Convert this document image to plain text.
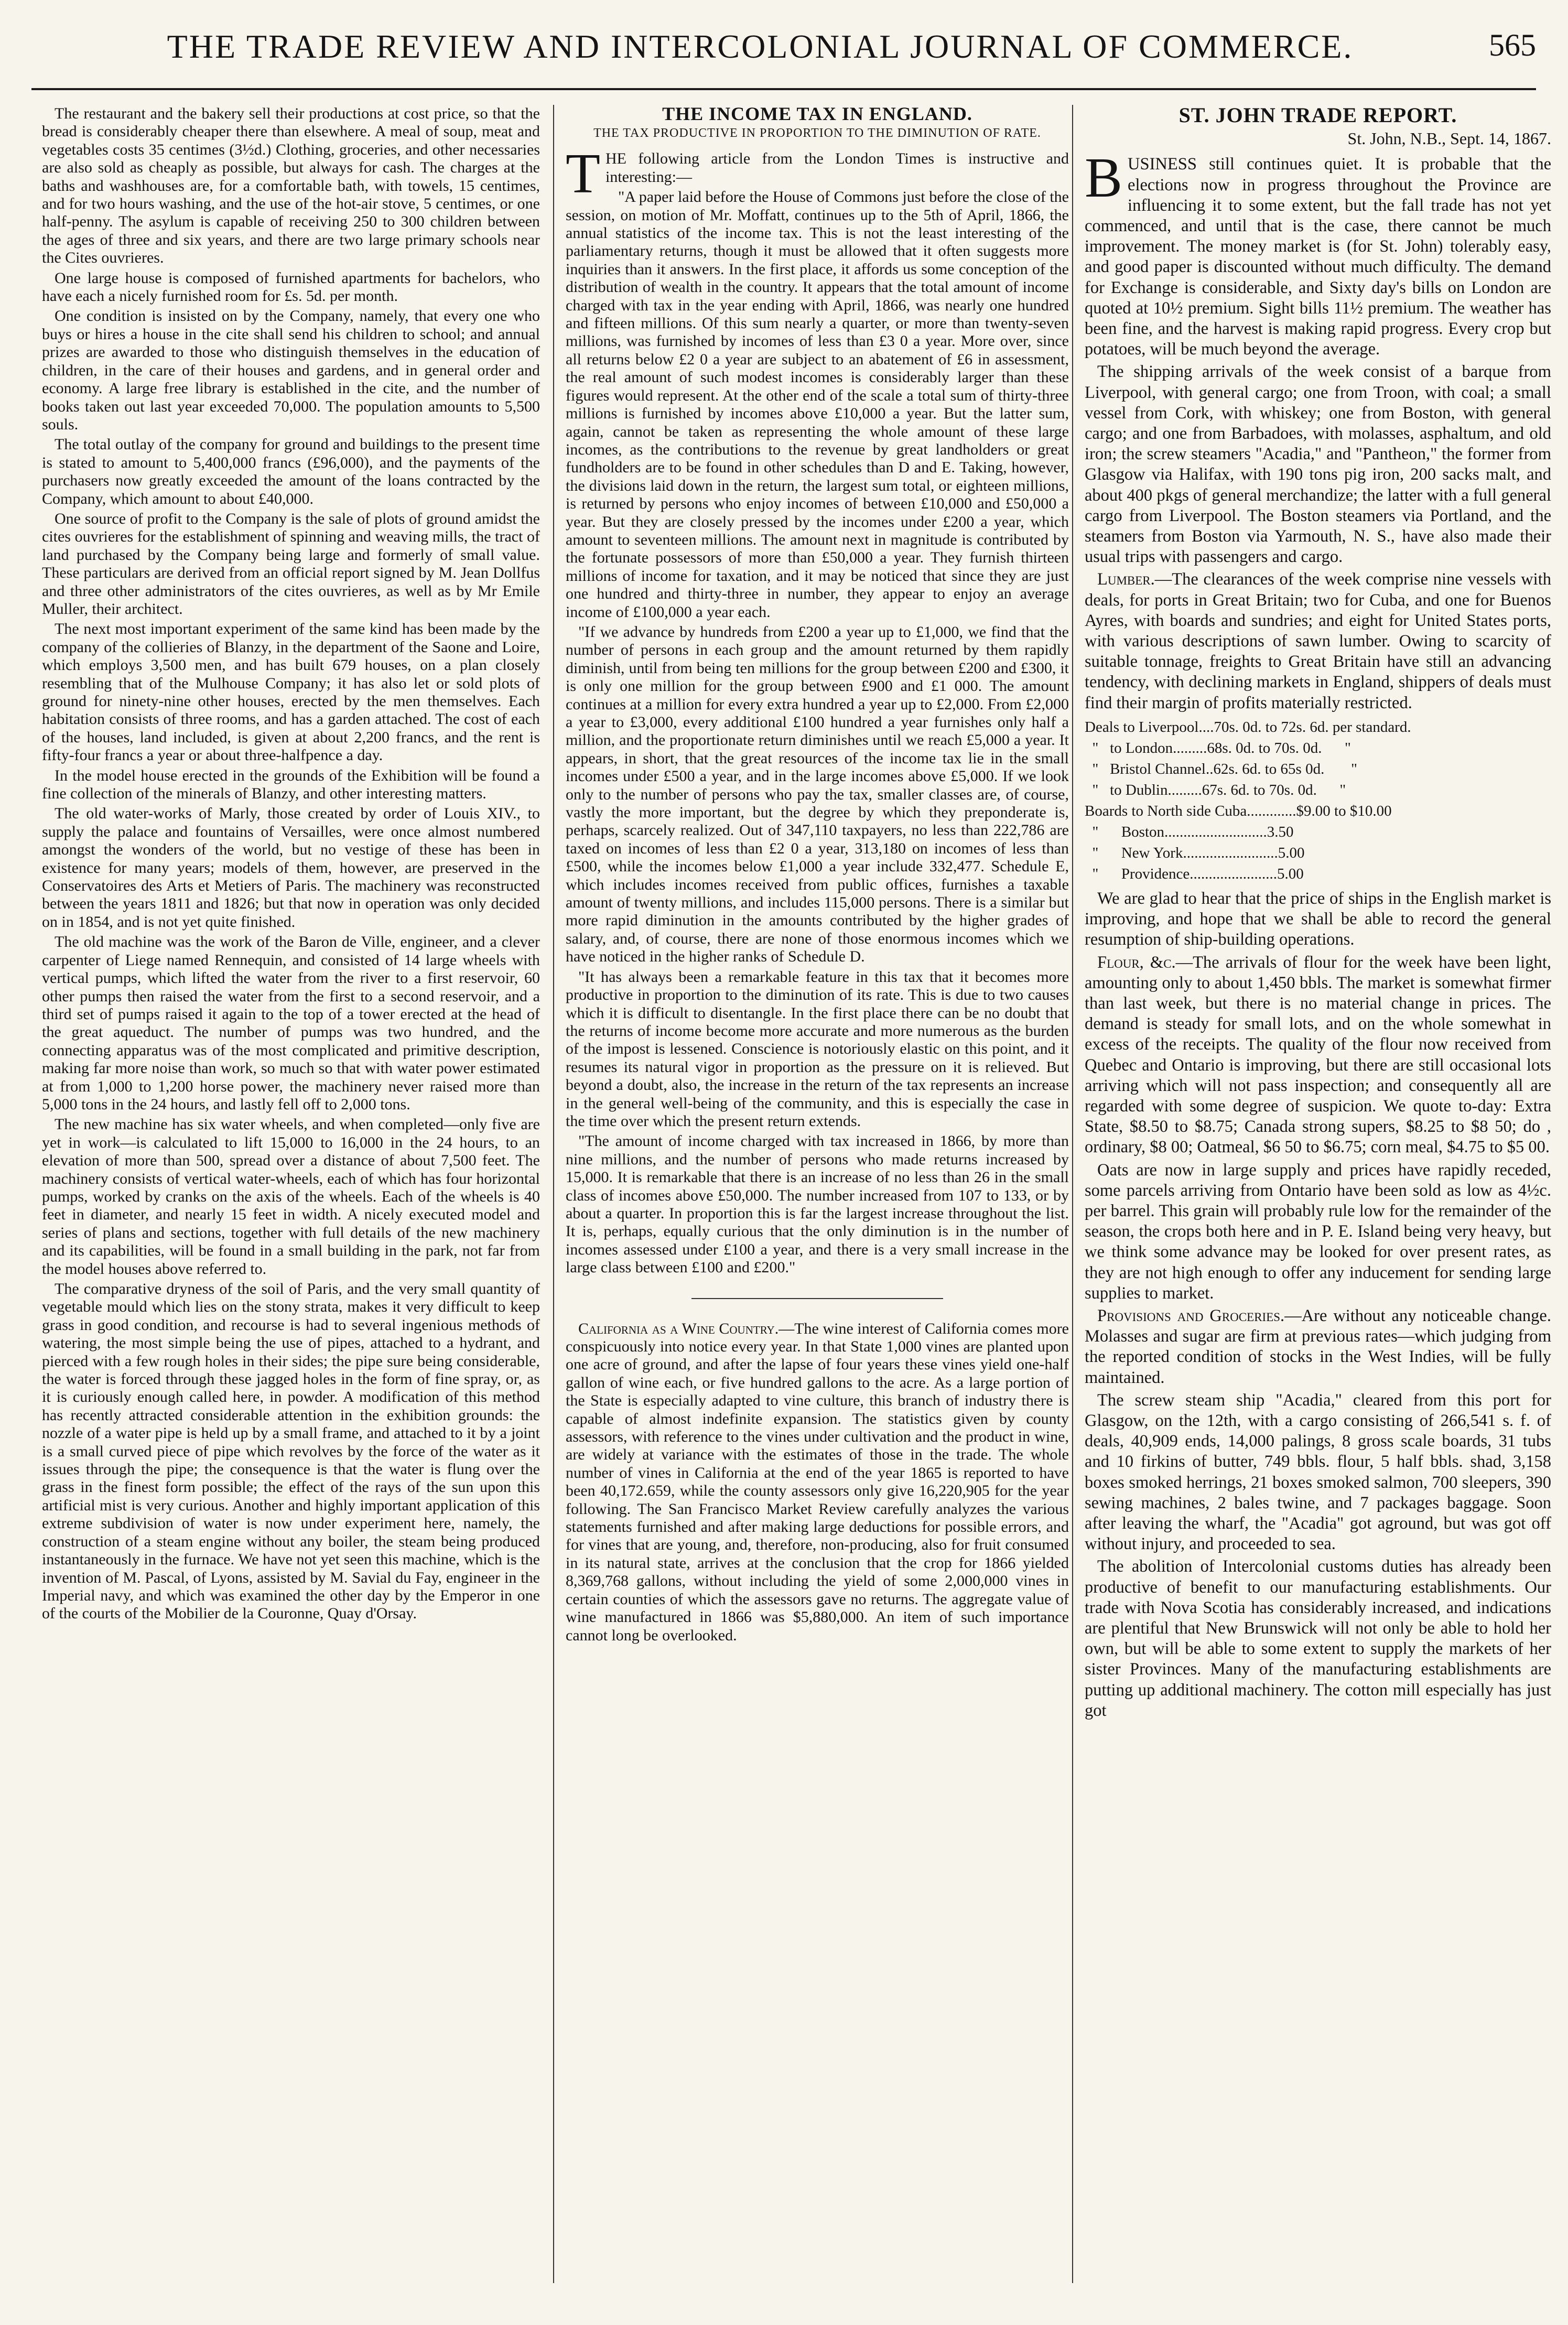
THE TRADE REVIEW AND INTERCOLONIAL JOURNAL OF COMMERCE.	565

The restaurant and the bakery sell their productions at cost price, so that the bread is considerably cheaper there than elsewhere. A meal of soup, meat and vegetables costs 35 centimes (3½d.) Clothing, groceries, and other necessaries are also sold as cheaply as possible, but always for cash. The charges at the baths and washhouses are, for a comfortable bath, with towels, 15 centimes, and for two hours washing, and the use of the hot-air stove, 5 centimes, or one half-penny. The asylum is capable of receiving 250 to 300 children between the ages of three and six years, and there are two large primary schools near the Cites ouvrieres.

One large house is composed of furnished apartments for bachelors, who have each a nicely furnished room for £s. 5d. per month.

One condition is insisted on by the Company, namely, that every one who buys or hires a house in the cite shall send his children to school; and annual prizes are awarded to those who distinguish themselves in the education of children, in the care of their houses and gardens, and in general order and economy. A large free library is established in the cite, and the number of books taken out last year exceeded 70,000. The population amounts to 5,500 souls.

The total outlay of the company for ground and buildings to the present time is stated to amount to 5,400,000 francs (£96,000), and the payments of the purchasers now greatly exceeded the amount of the loans contracted by the Company, which amount to about £40,000.

One source of profit to the Company is the sale of plots of ground amidst the cites ouvrieres for the establishment of spinning and weaving mills, the tract of land purchased by the Company being large and formerly of small value. These particulars are derived from an official report signed by M. Jean Dollfus and three other administrators of the cites ouvrieres, as well as by Mr Emile Muller, their architect.

The next most important experiment of the same kind has been made by the company of the collieries of Blanzy, in the department of the Saone and Loire, which employs 3,500 men, and has built 679 houses, on a plan closely resembling that of the Mulhouse Company; it has also let or sold plots of ground for ninety-nine other houses, erected by the men themselves. Each habitation consists of three rooms, and has a garden attached. The cost of each of the houses, land included, is given at about 2,200 francs, and the rent is fifty-four francs a year or about three-halfpence a day.

In the model house erected in the grounds of the Exhibition will be found a fine collection of the minerals of Blanzy, and other interesting matters.

The old water-works of Marly, those created by order of Louis XIV., to supply the palace and fountains of Versailles, were once almost numbered amongst the wonders of the world, but no vestige of these has been in existence for many years; models of them, however, are preserved in the Conservatoires des Arts et Metiers of Paris. The machinery was reconstructed between the years 1811 and 1826; but that now in operation was only decided on in 1854, and is not yet quite finished.

The old machine was the work of the Baron de Ville, engineer, and a clever carpenter of Liege named Rennequin, and consisted of 14 large wheels with vertical pumps, which lifted the water from the river to a first reservoir, 60 other pumps then raised the water from the first to a second reservoir, and a third set of pumps raised it again to the top of a tower erected at the head of the great aqueduct. The number of pumps was two hundred, and the connecting apparatus was of the most complicated and primitive description, making far more noise than work, so much so that with water power estimated at from 1,000 to 1,200 horse power, the machinery never raised more than 5,000 tons in the 24 hours, and lastly fell off to 2,000 tons.

The new machine has six water wheels, and when completed—only five are yet in work—is calculated to lift 15,000 to 16,000 in the 24 hours, to an elevation of more than 500, spread over a distance of about 7,500 feet. The machinery consists of vertical water-wheels, each of which has four horizontal pumps, worked by cranks on the axis of the wheels. Each of the wheels is 40 feet in diameter, and nearly 15 feet in width. A nicely executed model and series of plans and sections, together with full details of the new machinery and its capabilities, will be found in a small building in the park, not far from the model houses above referred to.

The comparative dryness of the soil of Paris, and the very small quantity of vegetable mould which lies on the stony strata, makes it very difficult to keep grass in good condition, and recourse is had to several ingenious methods of watering, the most simple being the use of pipes, attached to a hydrant, and pierced with a few rough holes in their sides; the pipe sure being considerable, the water is forced through these jagged holes in the form of fine spray, or, as it is curiously enough called here, in powder. A modification of this method has recently attracted considerable attention in the exhibition grounds: the nozzle of a water pipe is held up by a small frame, and attached to it by a joint is a small curved piece of pipe which revolves by the force of the water as it issues through the pipe; the consequence is that the water is flung over the grass in the finest form possible; the effect of the rays of the sun upon this artificial mist is very curious. Another and highly important application of this extreme subdivision of water is now under experiment here, namely, the construction of a steam engine without any boiler, the steam being produced instantaneously in the furnace. We have not yet seen this machine, which is the invention of M. Pascal, of Lyons, assisted by M. Savial du Fay, engineer in the Imperial navy, and which was examined the other day by the Emperor in one of the courts of the Mobilier de la Couronne, Quay d'Orsay.

THE INCOME TAX IN ENGLAND.
THE TAX PRODUCTIVE IN PROPORTION TO THE DIMINUTION OF RATE.

THE following article from the London Times is instructive and interesting:—

"A paper laid before the House of Commons just before the close of the session, on motion of Mr. Moffatt, continues up to the 5th of April, 1866, the annual statistics of the income tax. This is not the least interesting of the parliamentary returns, though it must be allowed that it often suggests more inquiries than it answers. In the first place, it affords us some conception of the distribution of wealth in the country. It appears that the total amount of income charged with tax in the year ending with April, 1866, was nearly one hundred and fifteen millions. Of this sum nearly a quarter, or more than twenty-seven millions, was furnished by incomes of less than £3 0 a year. More over, since all returns below £2 0 a year are subject to an abatement of £6 in assessment, the real amount of such modest incomes is considerably larger than these figures would represent. At the other end of the scale a total sum of thirty-three millions is furnished by incomes above £10,000 a year. But the latter sum, again, cannot be taken as representing the whole amount of these large incomes, as the contributions to the revenue by great landholders or great fundholders are to be found in other schedules than D and E. Taking, however, the divisions laid down in the return, the largest sum total, or eighteen millions, is returned by persons who enjoy incomes of between £10,000 and £50,000 a year. But they are closely pressed by the incomes under £200 a year, which amount to seventeen millions. The amount next in magnitude is contributed by the fortunate possessors of more than £50,000 a year. They furnish thirteen millions of income for taxation, and it may be noticed that since they are just one hundred and thirty-three in number, they appear to enjoy an average income of £100,000 a year each.

"If we advance by hundreds from £200 a year up to £1,000, we find that the number of persons in each group and the amount returned by them rapidly diminish, until from being ten millions for the group between £200 and £300, it is only one million for the group between £900 and £1 000. The amount continues at a million for every extra hundred a year up to £2,000. From £2,000 a year to £3,000, every additional £100 hundred a year furnishes only half a million, and the proportionate return diminishes until we reach £5,000 a year. It appears, in short, that the great resources of the income tax lie in the small incomes under £500 a year, and in the large incomes above £5,000. If we look only to the number of persons who pay the tax, smaller classes are, of course, vastly the more important, but the degree by which they preponderate is, perhaps, scarcely realized. Out of 347,110 taxpayers, no less than 222,786 are taxed on incomes of less than £2 0 a year, 313,180 on incomes of less than £500, while the incomes below £1,000 a year include 332,477. Schedule E, which includes incomes received from public offices, furnishes a taxable amount of twenty millions, and includes 115,000 persons. There is a similar but more rapid diminution in the amounts contributed by the higher grades of salary, and, of course, there are none of those enormous incomes which we have noticed in the higher ranks of Schedule D.

"It has always been a remarkable feature in this tax that it becomes more productive in proportion to the diminution of its rate. This is due to two causes which it is difficult to disentangle. In the first place there can be no doubt that the returns of income become more accurate and more numerous as the burden of the impost is lessened. Conscience is notoriously elastic on this point, and it resumes its natural vigor in proportion as the pressure on it is relieved. But beyond a doubt, also, the increase in the return of the tax represents an increase in the general well-being of the community, and this is especially the case in the time over which the present return extends.

"The amount of income charged with tax increased in 1866, by more than nine millions, and the number of persons who made returns increased by 15,000. It is remarkable that there is an increase of no less than 26 in the small class of incomes above £50,000. The number increased from 107 to 133, or by about a quarter. In proportion this is far the largest increase throughout the list. It is, perhaps, equally curious that the only diminution is in the number of incomes assessed under £100 a year, and there is a very small increase in the large class between £100 and £200."

California as a Wine Country.—The wine interest of California comes more conspicuously into notice every year. In that State 1,000 vines are planted upon one acre of ground, and after the lapse of four years these vines yield one-half gallon of wine each, or five hundred gallons to the acre. As a large portion of the State is especially adapted to vine culture, this branch of industry there is capable of almost indefinite expansion. The statistics given by county assessors, with reference to the vines under cultivation and the product in wine, are widely at variance with the estimates of those in the trade. The whole number of vines in California at the end of the year 1865 is reported to have been 40,172.659, while the county assessors only give 16,220,905 for the year following. The San Francisco Market Review carefully analyzes the various statements furnished and after making large deductions for possible errors, and for vines that are young, and, therefore, non-producing, also for fruit consumed in its natural state, arrives at the conclusion that the crop for 1866 yielded 8,369,768 gallons, without including the yield of some 2,000,000 vines in certain counties of which the assessors gave no returns. The aggregate value of wine manufactured in 1866 was $5,880,000. An item of such importance cannot long be overlooked.

ST. JOHN TRADE REPORT.
St. John, N.B., Sept. 14, 1867.

BUSINESS still continues quiet. It is probable that the elections now in progress throughout the Province are influencing it to some extent, but the fall trade has not yet commenced, and until that is the case, there cannot be much improvement. The money market is (for St. John) tolerably easy, and good paper is discounted without much difficulty. The demand for Exchange is considerable, and Sixty day's bills on London are quoted at 10½ premium. Sight bills 11½ premium. The weather has been fine, and the harvest is making rapid progress. Every crop but potatoes, will be much beyond the average.

The shipping arrivals of the week consist of a barque from Liverpool, with general cargo; one from Troon, with coal; a small vessel from Cork, with whiskey; one from Boston, with general cargo; and one from Barbadoes, with molasses, asphaltum, and old iron; the screw steamers "Acadia," and "Pantheon," the former from Glasgow via Halifax, with 190 tons pig iron, 200 sacks malt, and about 400 pkgs of general merchandize; the latter with a full general cargo from Liverpool. The Boston steamers via Portland, and the steamers from Boston via Yarmouth, N. S., have also made their usual trips with passengers and cargo.

Lumber.—The clearances of the week comprise nine vessels with deals, for ports in Great Britain; two for Cuba, and one for Buenos Ayres, with boards and sundries; and eight for United States ports, with various descriptions of sawn lumber. Owing to scarcity of suitable tonnage, freights to Great Britain have still an advancing tendency, with declining markets in England, shippers of deals must find their margin of profits materially restricted.

Deals to Liverpool....70s. 0d. to 72s. 6d. per standard.

"   to London.........68s. 0d. to 70s. 0d.      "

"   Bristol Channel..62s. 6d. to 65s 0d.       "

"   to Dublin.........67s. 6d. to 70s. 0d.      "

Boards to North side Cuba.............$9.00 to $10.00

"      Boston...........................3.50

"      New York.........................5.00

"      Providence.......................5.00

We are glad to hear that the price of ships in the English market is improving, and hope that we shall be able to record the general resumption of ship-building operations.

Flour, &c.—The arrivals of flour for the week have been light, amounting only to about 1,450 bbls. The market is somewhat firmer than last week, but there is no material change in prices. The demand is steady for small lots, and on the whole somewhat in excess of the receipts. The quality of the flour now received from Quebec and Ontario is improving, but there are still occasional lots arriving which will not pass inspection; and consequently all are regarded with some degree of suspicion. We quote to-day: Extra State, $8.50 to $8.75; Canada strong supers, $8.25 to $8 50; do , ordinary, $8 00; Oatmeal, $6 50 to $6.75; corn meal, $4.75 to $5 00.

Oats are now in large supply and prices have rapidly receded, some parcels arriving from Ontario have been sold as low as 4½c. per barrel. This grain will probably rule low for the remainder of the season, the crops both here and in P. E. Island being very heavy, but we think some advance may be looked for over present rates, as they are not high enough to offer any inducement for sending large supplies to market.

Provisions and Groceries.—Are without any noticeable change. Molasses and sugar are firm at previous rates—which judging from the reported condition of stocks in the West Indies, will be fully maintained.

The screw steam ship "Acadia," cleared from this port for Glasgow, on the 12th, with a cargo consisting of 266,541 s. f. of deals, 40,909 ends, 14,000 palings, 8 gross scale boards, 31 tubs and 10 firkins of butter, 749 bbls. flour, 5 half bbls. shad, 3,158 boxes smoked herrings, 21 boxes smoked salmon, 700 sleepers, 390 sewing machines, 2 bales twine, and 7 packages baggage. Soon after leaving the wharf, the "Acadia" got aground, but was got off without injury, and proceeded to sea.

The abolition of Intercolonial customs duties has already been productive of benefit to our manufacturing establishments. Our trade with Nova Scotia has considerably increased, and indications are plentiful that New Brunswick will not only be able to hold her own, but will be able to some extent to supply the markets of her sister Provinces. Many of the manufacturing establishments are putting up additional machinery. The cotton mill especially has just got
